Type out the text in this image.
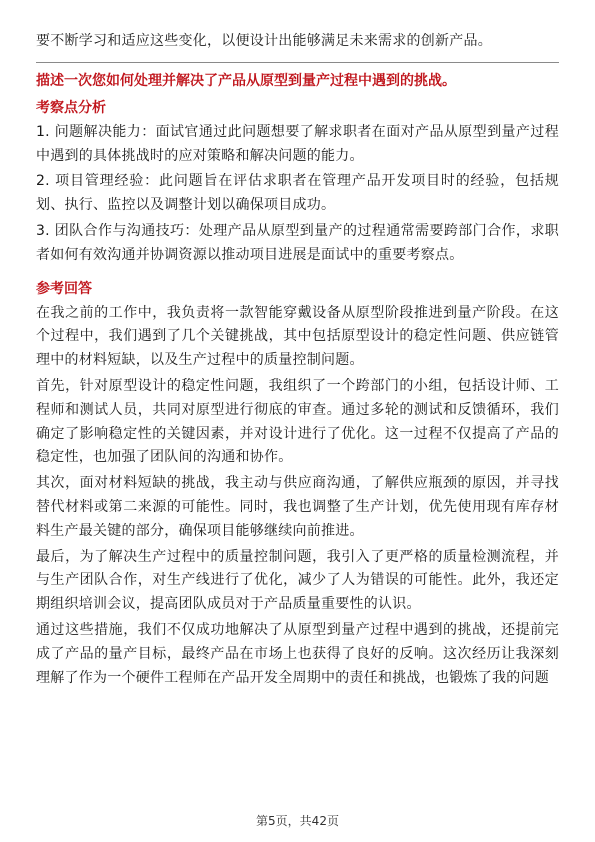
要不断学习和适应这些变化，以便设计出能够满足未来需求的创新产品。

描述一次您如何处理并解决了产品从原型到量产过程中遇到的挑战。
考察点分析

1. 问题解决能力：面试官通过此问题想要了解求职者在面对产品从原型到量产过程中遇到的具体挑战时的应对策略和解决问题的能力。

2. 项目管理经验：此问题旨在评估求职者在管理产品开发项目时的经验，包括规划、执行、监控以及调整计划以确保项目成功。

3. 团队合作与沟通技巧：处理产品从原型到量产的过程通常需要跨部门合作，求职者如何有效沟通并协调资源以推动项目进展是面试中的重要考察点。

参考回答

在我之前的工作中，我负责将一款智能穿戴设备从原型阶段推进到量产阶段。在这个过程中，我们遇到了几个关键挑战，其中包括原型设计的稳定性问题、供应链管理中的材料短缺，以及生产过程中的质量控制问题。

首先，针对原型设计的稳定性问题，我组织了一个跨部门的小组，包括设计师、工程师和测试人员，共同对原型进行彻底的审查。通过多轮的测试和反馈循环，我们确定了影响稳定性的关键因素，并对设计进行了优化。这一过程不仅提高了产品的稳定性，也加强了团队间的沟通和协作。

其次，面对材料短缺的挑战，我主动与供应商沟通，了解供应瓶颈的原因，并寻找替代材料或第二来源的可能性。同时，我也调整了生产计划，优先使用现有库存材料生产最关键的部分，确保项目能够继续向前推进。

最后，为了解决生产过程中的质量控制问题，我引入了更严格的质量检测流程，并与生产团队合作，对生产线进行了优化，减少了人为错误的可能性。此外，我还定期组织培训会议，提高团队成员对于产品质量重要性的认识。

通过这些措施，我们不仅成功地解决了从原型到量产过程中遇到的挑战，还提前完成了产品的量产目标，最终产品在市场上也获得了良好的反响。这次经历让我深刻理解了作为一个硬件工程师在产品开发全周期中的责任和挑战，也锻炼了我的问题

第5页，共42页
